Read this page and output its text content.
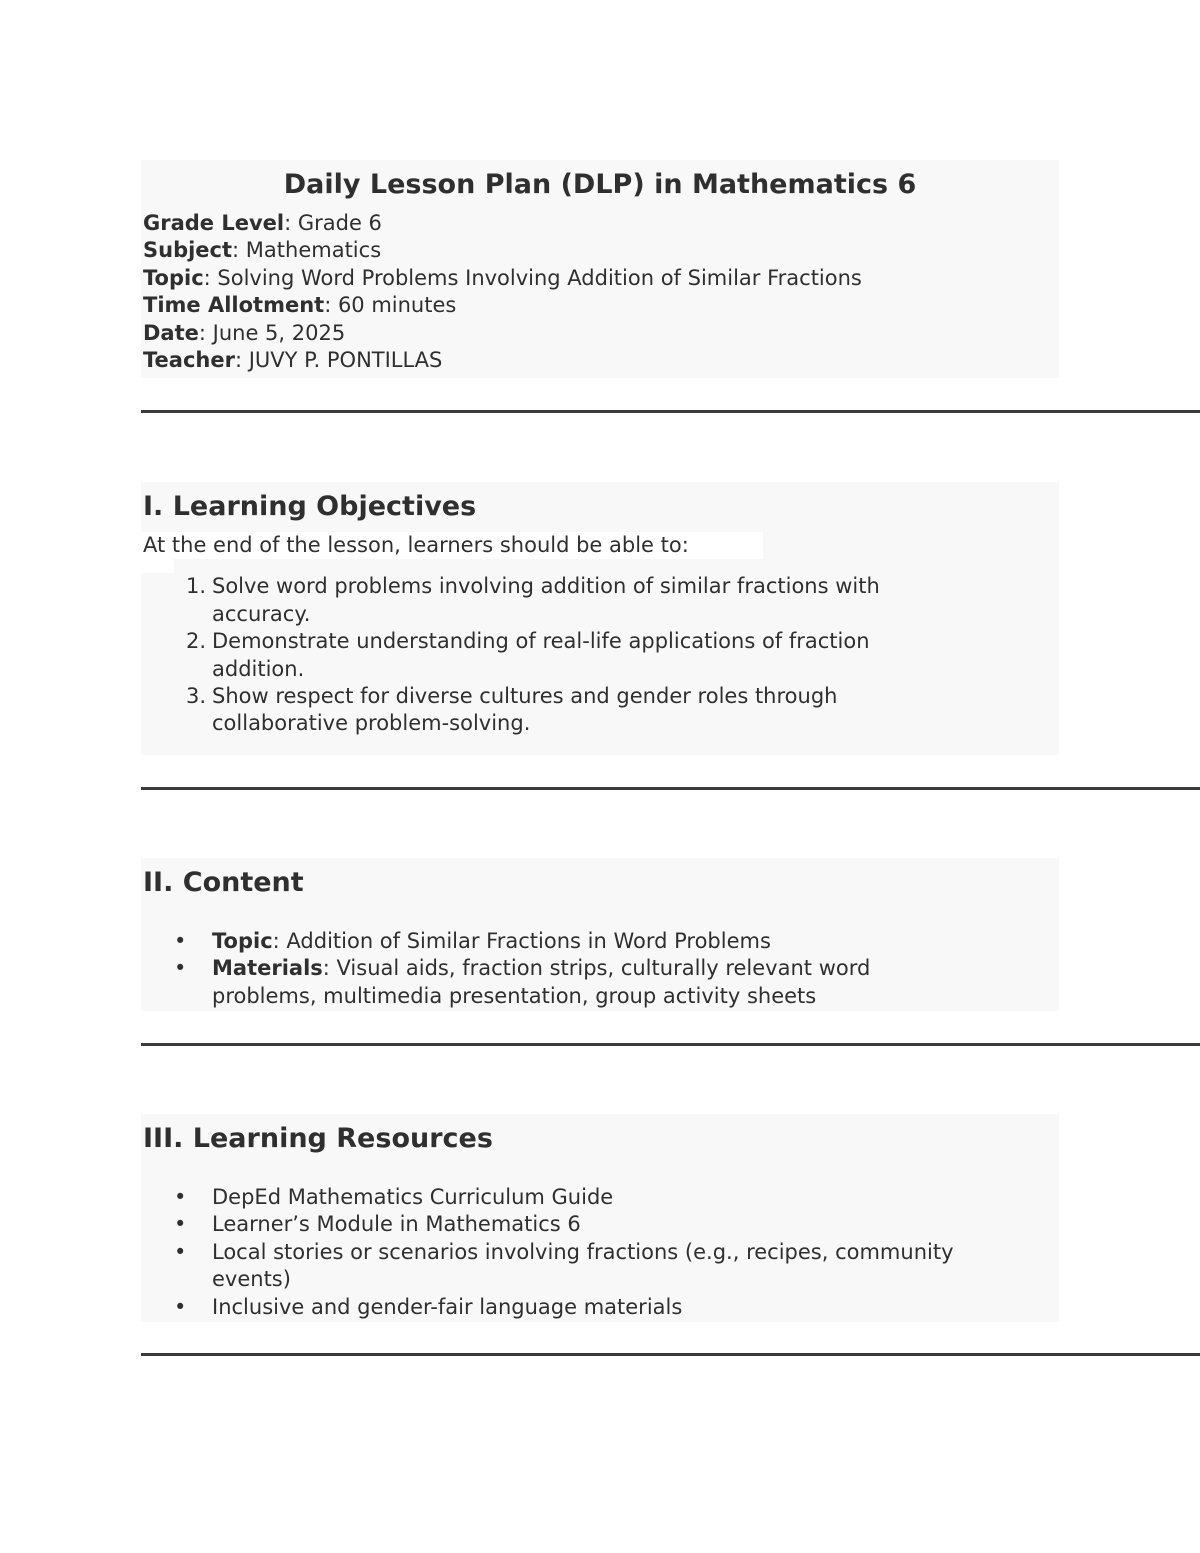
Daily Lesson Plan (DLP) in Mathematics 6

Grade Level: Grade 6

Subject: Mathematics

Topic: Solving Word Problems Involving Addition of Similar Fractions

Time Allotment: 60 minutes

Date: June 5, 2025

Teacher: JUVY P. PONTILLAS

I. Learning Objectives

At the end of the lesson, learners should be able to:

1. Solve word problems involving addition of similar fractions with
accuracy.
2. Demonstrate understanding of real-life applications of fraction
addition.
3. Show respect for diverse cultures and gender roles through
collaborative problem-solving.
II. Content
• Topic: Addition of Similar Fractions in Word Problems
• Materials: Visual aids, fraction strips, culturally relevant word
problems, multimedia presentation, group activity sheets
III. Learning Resources
• DepEd Mathematics Curriculum Guide
• Learner’s Module in Mathematics 6
• Local stories or scenarios involving fractions (e.g., recipes, community
events)
• Inclusive and gender-fair language materials
